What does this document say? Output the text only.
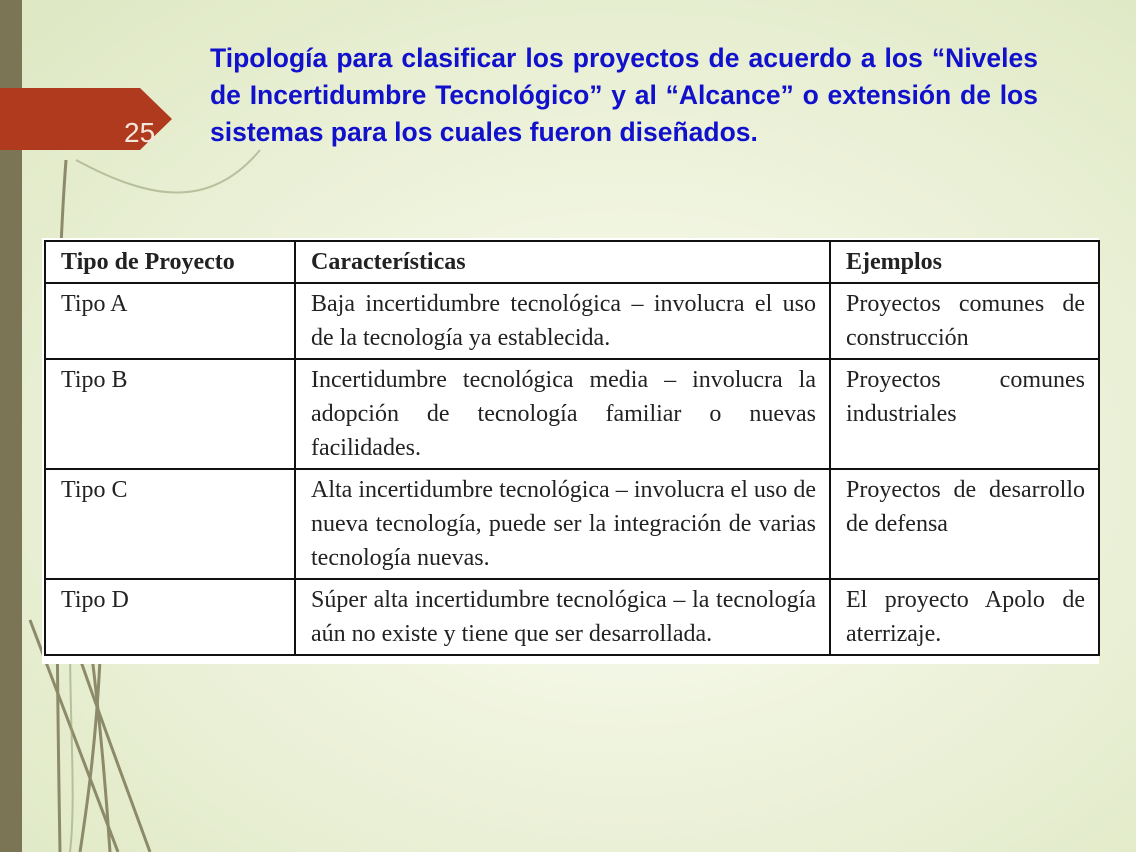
25
Tipología para clasificar los proyectos de acuerdo a los “Niveles de Incertidumbre Tecnológico” y al “Alcance” o extensión de los sistemas para los cuales fueron diseñados.
Tipo de Proyecto	Características	Ejemplos
Tipo A	Baja incertidumbre tecnológica – involucra el uso de la tecnología ya establecida.	Proyectos comunes de construcción
Tipo B	Incertidumbre tecnológica media – involucra la adopción de tecnología familiar o nuevas facilidades.	Proyectos comunes industriales
Tipo C	Alta incertidumbre tecnológica – involucra el uso de nueva tecnología, puede ser la integración de varias tecnología nuevas.	Proyectos de desarrollo de defensa
Tipo D	Súper alta incertidumbre tecnológica – la tecnología aún no existe y tiene que ser desarrollada.	El proyecto Apolo de aterrizaje.
